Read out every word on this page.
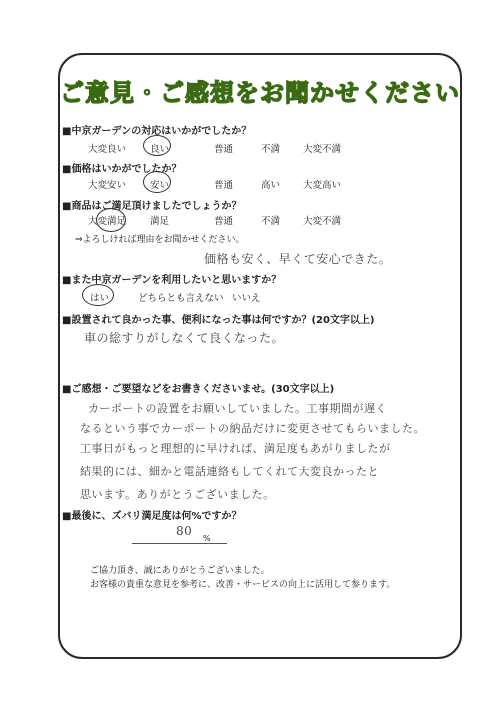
ご意見・ご感想をお聞かせください
■中京ガーデンの対応はいかがでしたか？
大変良い	良い	普通	不満 大変不満
■価格はいかがでしたか？
大変安い	安い	普通	高い 大変高い
■商品はご満足頂けましたでしょうか？
大変満足	満足	普通	不満 大変不満
⇒よろしければ理由をお聞かせください。
価格も安く、早くて安心できた。
■また中京ガーデンを利用したいと思いますか？
はい	どちらとも言えない いいえ
■設置されて良かった事、便利になった事は何ですか？(20文字以上)
車の総すりがしなくて良くなった。
■ご感想・ご要望などをお書きくださいませ。(30文字以上)
カーポートの設置をお願いしていました。工事期間が遅く
なるという事でカーポートの納品だけに変更させてもらいました。
工事日がもっと理想的に早ければ、満足度もあがりましたが
結果的には、細かと電話連絡もしてくれて大変良かったと
思います。ありがとうございました。
■最後に、ズバリ満足度は何%ですか？
80
%
ご協力頂き、誠にありがとうございました。
お客様の貴重な意見を参考に、改善・サービスの向上に活用して参ります。
